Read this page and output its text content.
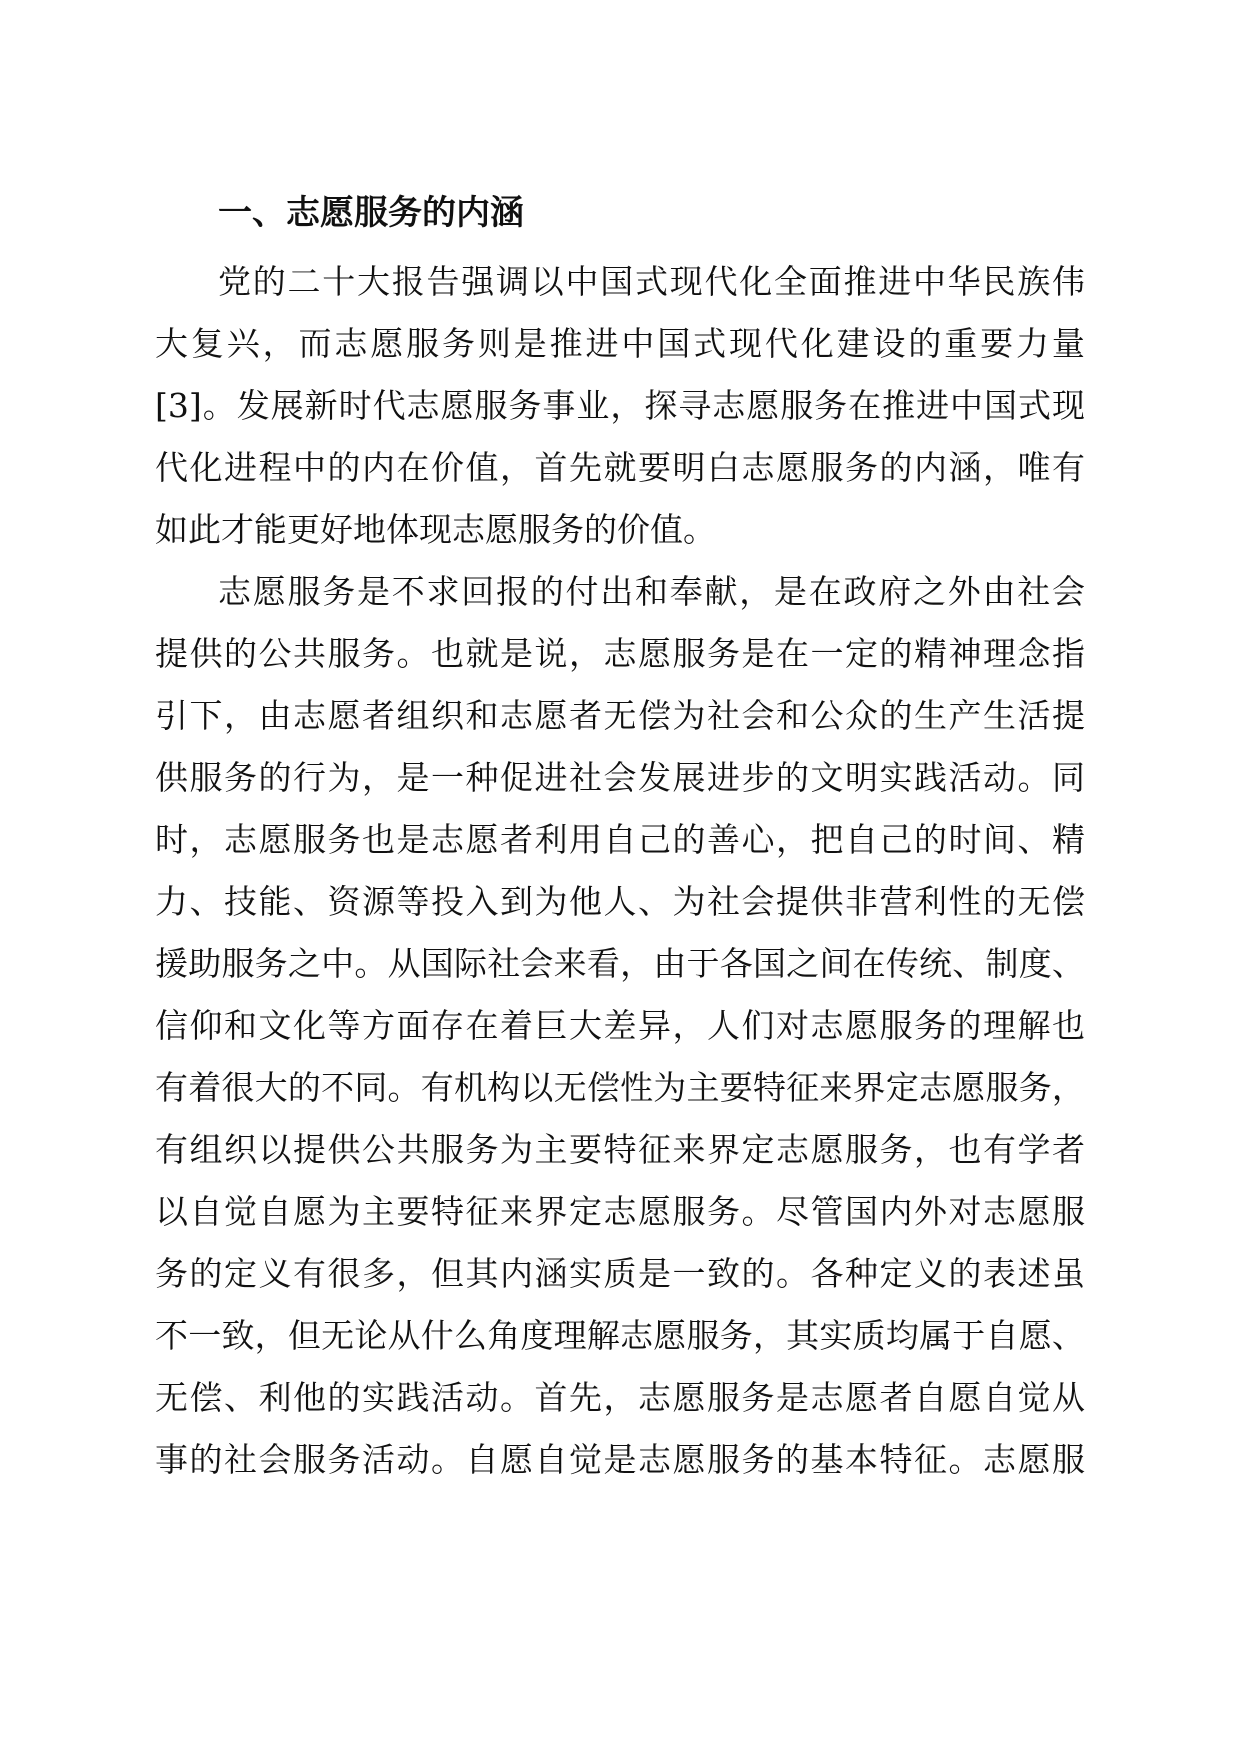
一、志愿服务的内涵
党 的 二 十 大 报 告 强 调 以 中 国 式 现 代 化 全 面 推 进 中 华 民 族 伟
大 复 兴 ， 而 志 愿 服 务 则 是 推 进 中 国 式 现 代 化 建 设 的 重 要 力 量
[3] 。 发 展 新 时 代 志 愿 服 务 事 业 ， 探 寻 志 愿 服 务 在 推 进 中 国 式 现
代 化 进 程 中 的 内 在 价 值 ， 首 先 就 要 明 白 志 愿 服 务 的 内 涵 ， 唯 有
如 此 才 能 更 好 地 体 现 志 愿 服 务 的 价 值 。
志 愿 服 务 是 不 求 回 报 的 付 出 和 奉 献 ， 是 在 政 府 之 外 由 社 会
提 供 的 公 共 服 务 。 也 就 是 说 ， 志 愿 服 务 是 在 一 定 的 精 神 理 念 指
引 下 ， 由 志 愿 者 组 织 和 志 愿 者 无 偿 为 社 会 和 公 众 的 生 产 生 活 提
供 服 务 的 行 为 ， 是 一 种 促 进 社 会 发 展 进 步 的 文 明 实 践 活 动 。 同
时 ， 志 愿 服 务 也 是 志 愿 者 利 用 自 己 的 善 心 ， 把 自 己 的 时 间 、 精
力 、 技 能 、 资 源 等 投 入 到 为 他 人 、 为 社 会 提 供 非 营 利 性 的 无 偿
援 助 服 务 之 中 。 从 国 际 社 会 来 看 ， 由 于 各 国 之 间 在 传 统 、 制 度 、
信 仰 和 文 化 等 方 面 存 在 着 巨 大 差 异 ， 人 们 对 志 愿 服 务 的 理 解 也
有 着 很 大 的 不 同 。 有 机 构 以 无 偿 性 为 主 要 特 征 来 界 定 志 愿 服 务 ，
有 组 织 以 提 供 公 共 服 务 为 主 要 特 征 来 界 定 志 愿 服 务 ， 也 有 学 者
以 自 觉 自 愿 为 主 要 特 征 来 界 定 志 愿 服 务 。 尽 管 国 内 外 对 志 愿 服
务 的 定 义 有 很 多 ， 但 其 内 涵 实 质 是 一 致 的 。 各 种 定 义 的 表 述 虽
不 一 致 ， 但 无 论 从 什 么 角 度 理 解 志 愿 服 务 ， 其 实 质 均 属 于 自 愿 、
无 偿 、 利 他 的 实 践 活 动 。 首 先 ， 志 愿 服 务 是 志 愿 者 自 愿 自 觉 从
事 的 社 会 服 务 活 动 。 自 愿 自 觉 是 志 愿 服 务 的 基 本 特 征 。 志 愿 服
